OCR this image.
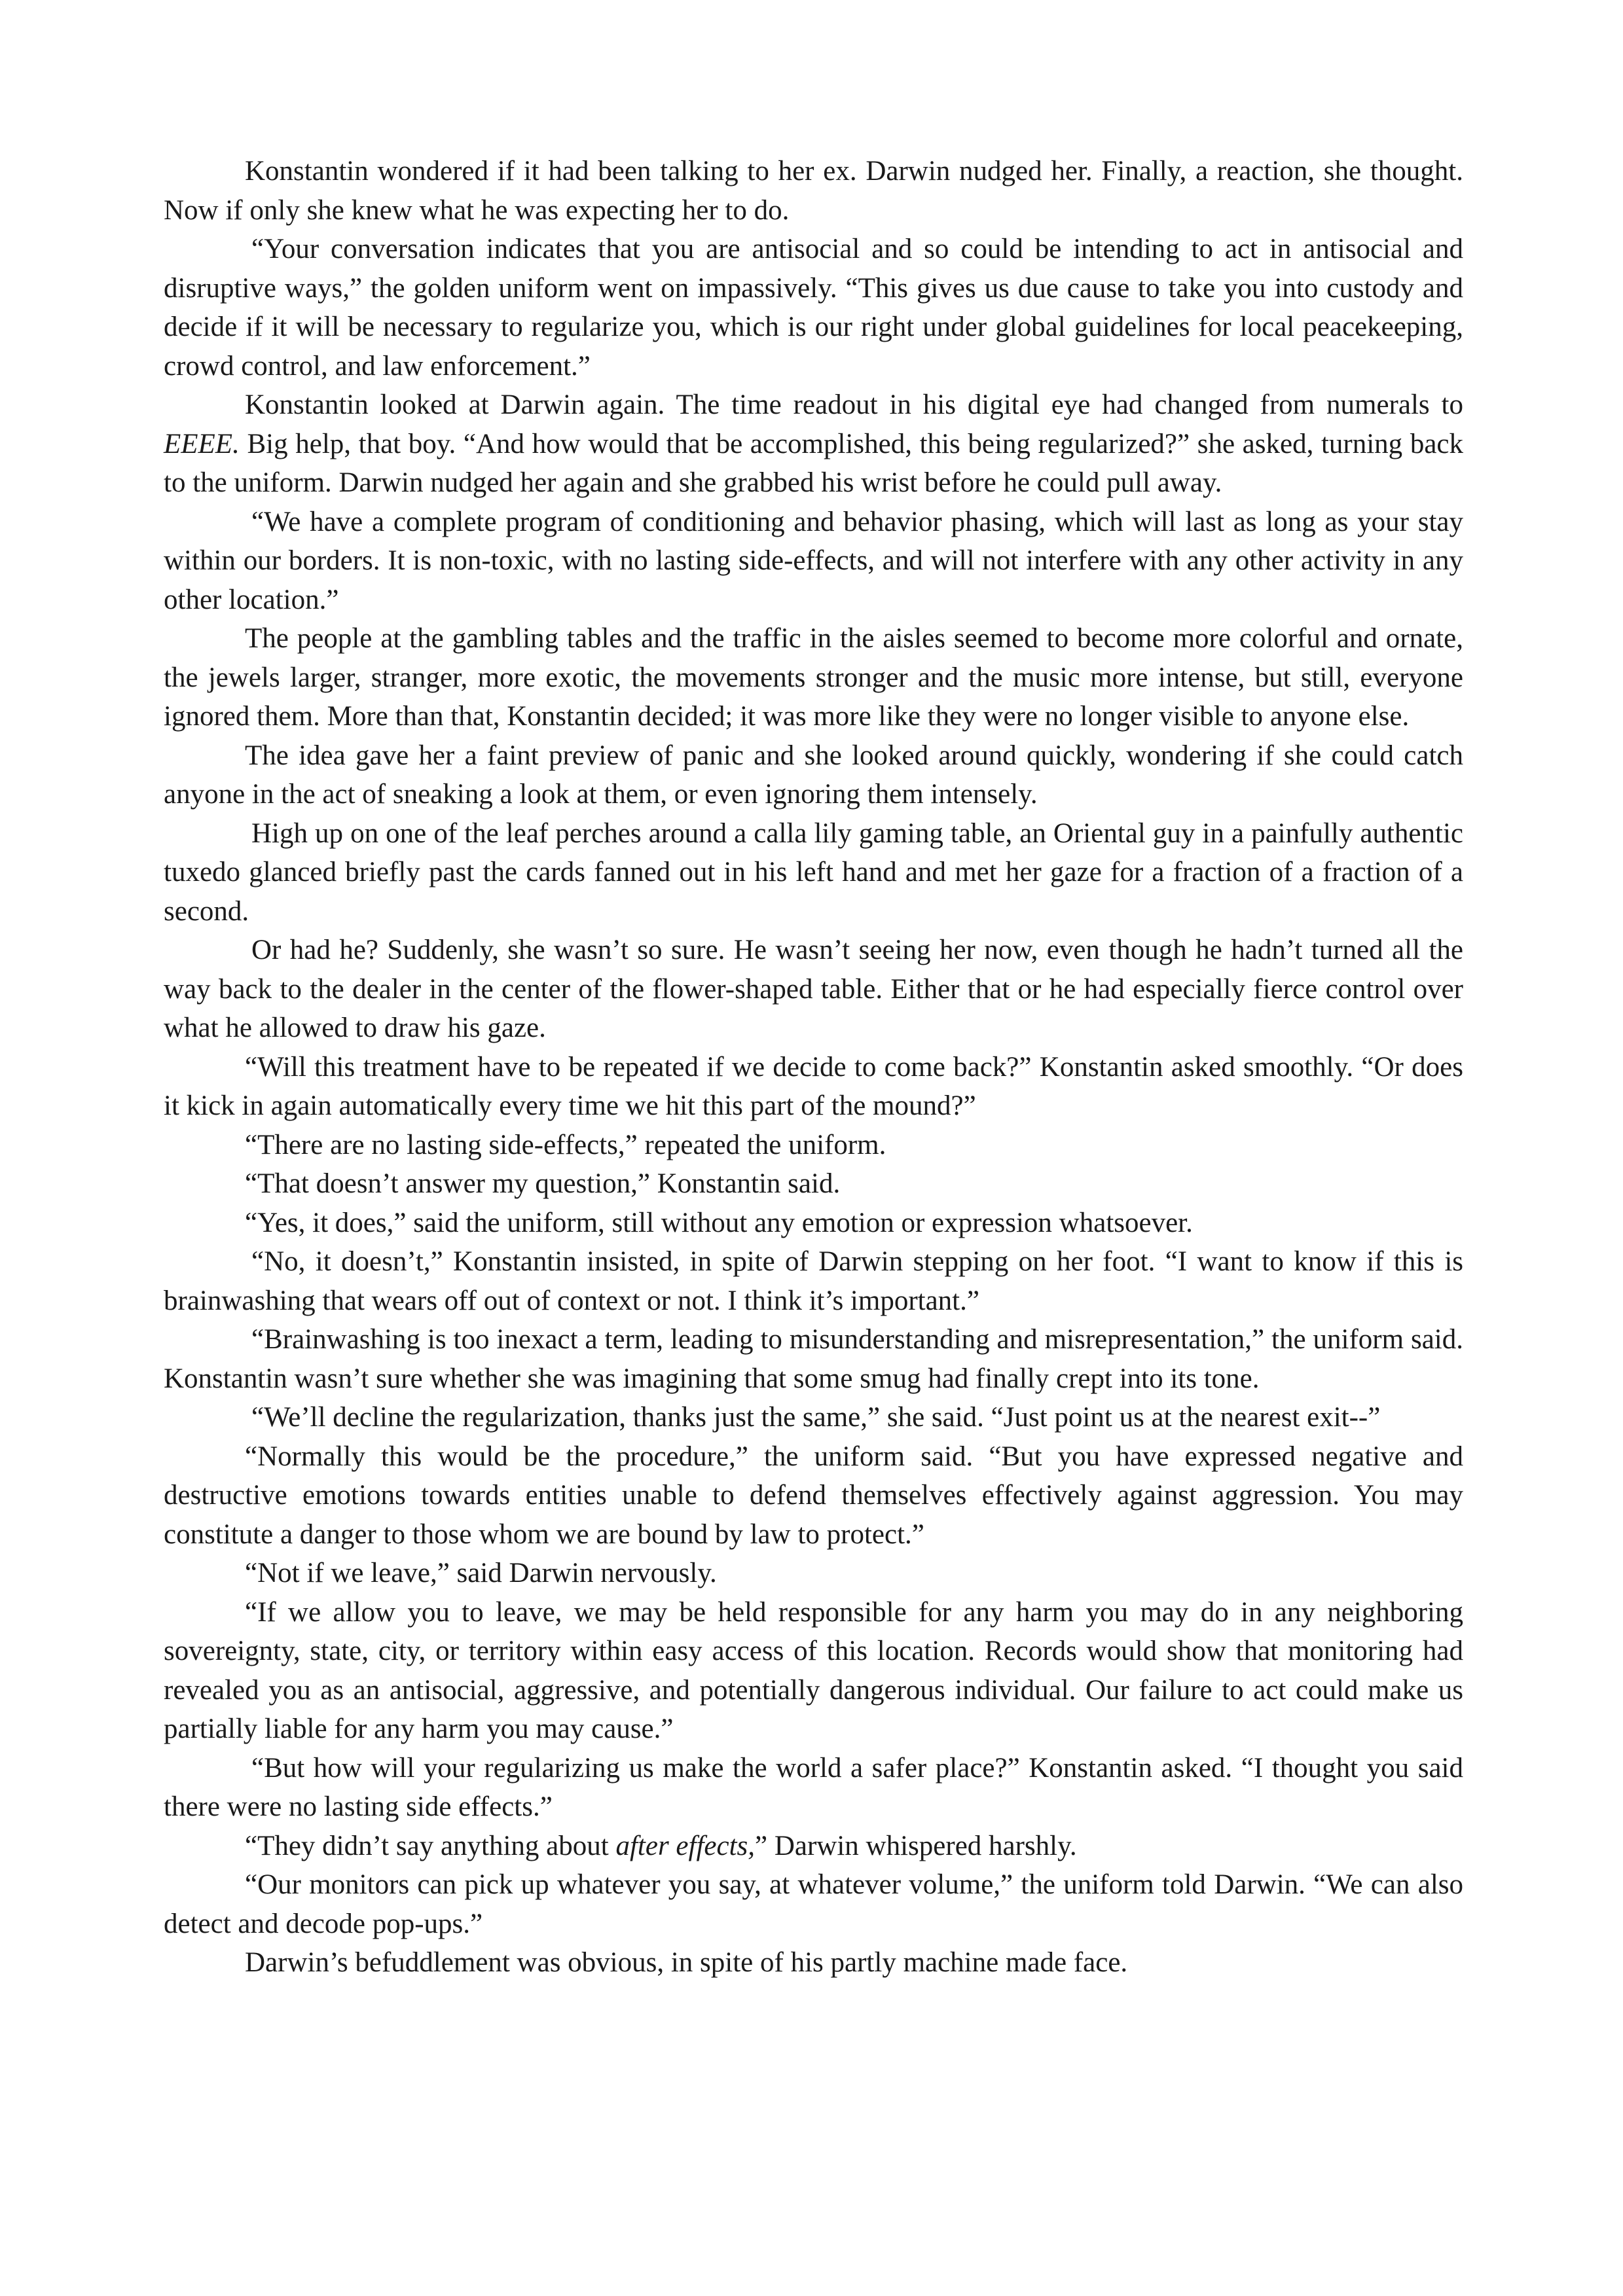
Konstantin wondered if it had been talking to her ex. Darwin nudged her. Finally, a reaction, she thought. Now if only she knew what he was expecting her to do.

“Your conversation indicates that you are antisocial and so could be intending to act in antisocial and disruptive ways,” the golden uniform went on impassively. “This gives us due cause to take you into custody and decide if it will be necessary to regularize you, which is our right under global guidelines for local peacekeeping, crowd control, and law enforcement.”

Konstantin looked at Darwin again. The time readout in his digital eye had changed from numerals to EEEE. Big help, that boy. “And how would that be accomplished, this being regularized?” she asked, turning back to the uniform. Darwin nudged her again and she grabbed his wrist before he could pull away.

“We have a complete program of conditioning and behavior phasing, which will last as long as your stay within our borders. It is non-toxic, with no lasting side-effects, and will not interfere with any other activity in any other location.”

The people at the gambling tables and the traffic in the aisles seemed to become more colorful and ornate, the jewels larger, stranger, more exotic, the movements stronger and the music more intense, but still, everyone ignored them. More than that, Konstantin decided; it was more like they were no longer visible to anyone else.

The idea gave her a faint preview of panic and she looked around quickly, wondering if she could catch anyone in the act of sneaking a look at them, or even ignoring them intensely.

High up on one of the leaf perches around a calla lily gaming table, an Oriental guy in a painfully authentic tuxedo glanced briefly past the cards fanned out in his left hand and met her gaze for a fraction of a fraction of a second.

Or had he? Suddenly, she wasn’t so sure. He wasn’t seeing her now, even though he hadn’t turned all the way back to the dealer in the center of the flower-shaped table. Either that or he had especially fierce control over what he allowed to draw his gaze.

“Will this treatment have to be repeated if we decide to come back?” Konstantin asked smoothly. “Or does it kick in again automatically every time we hit this part of the mound?”

“There are no lasting side-effects,” repeated the uniform.

“That doesn’t answer my question,” Konstantin said.

“Yes, it does,” said the uniform, still without any emotion or expression whatsoever.

“No, it doesn’t,” Konstantin insisted, in spite of Darwin stepping on her foot. “I want to know if this is brainwashing that wears off out of context or not. I think it’s important.”

“Brainwashing is too inexact a term, leading to misunderstanding and misrepresentation,” the uniform said. Konstantin wasn’t sure whether she was imagining that some smug had finally crept into its tone.

“We’ll decline the regularization, thanks just the same,” she said. “Just point us at the nearest exit--”

“Normally this would be the procedure,” the uniform said. “But you have expressed negative and destructive emotions towards entities unable to defend themselves effectively against aggression. You may constitute a danger to those whom we are bound by law to protect.”

“Not if we leave,” said Darwin nervously.

“If we allow you to leave, we may be held responsible for any harm you may do in any neighboring sovereignty, state, city, or territory within easy access of this location. Records would show that monitoring had revealed you as an antisocial, aggressive, and potentially dangerous individual. Our failure to act could make us partially liable for any harm you may cause.”

“But how will your regularizing us make the world a safer place?” Konstantin asked. “I thought you said there were no lasting side effects.”

“They didn’t say anything about after effects,” Darwin whispered harshly.

“Our monitors can pick up whatever you say, at whatever volume,” the uniform told Darwin. “We can also detect and decode pop-ups.”

Darwin’s befuddlement was obvious, in spite of his partly machine made face.
